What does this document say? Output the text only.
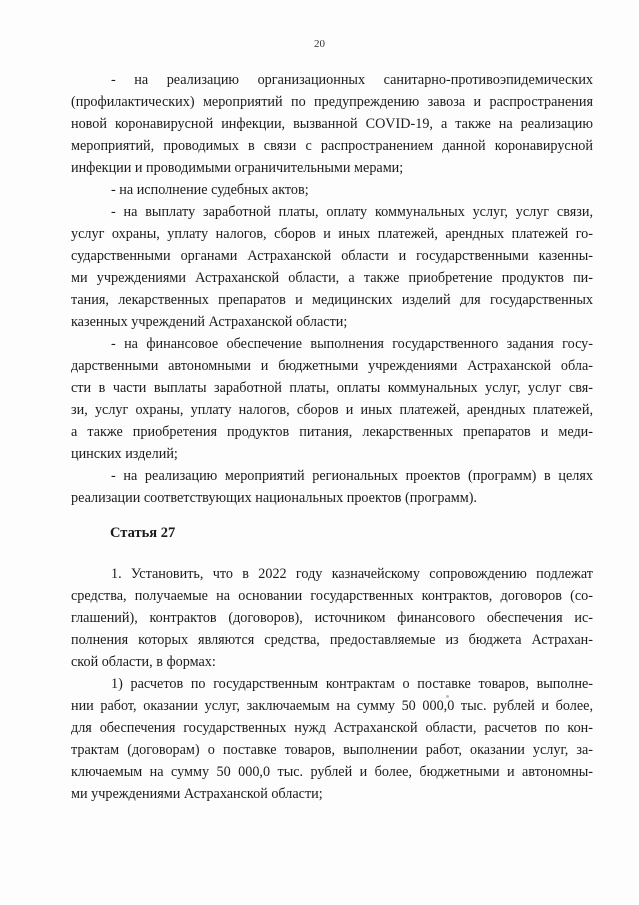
20
- на реализацию организационных санитарно-противоэпидемических
(профилактических) мероприятий по предупреждению завоза и распространения
новой коронавирусной инфекции, вызванной COVID-19, а также на реализацию
мероприятий, проводимых в связи с распространением данной коронавирусной
инфекции и проводимыми ограничительными мерами;
- на исполнение судебных актов;
- на выплату заработной платы, оплату коммунальных услуг, услуг связи,
услуг охраны, уплату налогов, сборов и иных платежей, арендных платежей го-
сударственными органами Астраханской области и государственными казенны-
ми учреждениями Астраханской области, а также приобретение продуктов пи-
тания, лекарственных препаратов и медицинских изделий для государственных
казенных учреждений Астраханской области;
- на финансовое обеспечение выполнения государственного задания госу-
дарственными автономными и бюджетными учреждениями Астраханской обла-
сти в части выплаты заработной платы, оплаты коммунальных услуг, услуг свя-
зи, услуг охраны, уплату налогов, сборов и иных платежей, арендных платежей,
а также приобретения продуктов питания, лекарственных препаратов и меди-
цинских изделий;
- на реализацию мероприятий региональных проектов (программ) в целях
реализации соответствующих национальных проектов (программ).
Статья 27
1. Установить, что в 2022 году казначейскому сопровождению подлежат
средства, получаемые на основании государственных контрактов, договоров (со-
глашений), контрактов (договоров), источником финансового обеспечения ис-
полнения которых являются средства, предоставляемые из бюджета Астрахан-
ской области, в формах:
1) расчетов по государственным контрактам о поставке товаров, выполне-
нии работ, оказании услуг, заключаемым на сумму 50 000,0 тыс. рублей и более,
для обеспечения государственных нужд Астраханской области, расчетов по кон-
трактам (договорам) о поставке товаров, выполнении работ, оказании услуг, за-
ключаемым на сумму 50 000,0 тыс. рублей и более, бюджетными и автономны-
ми учреждениями Астраханской области;
